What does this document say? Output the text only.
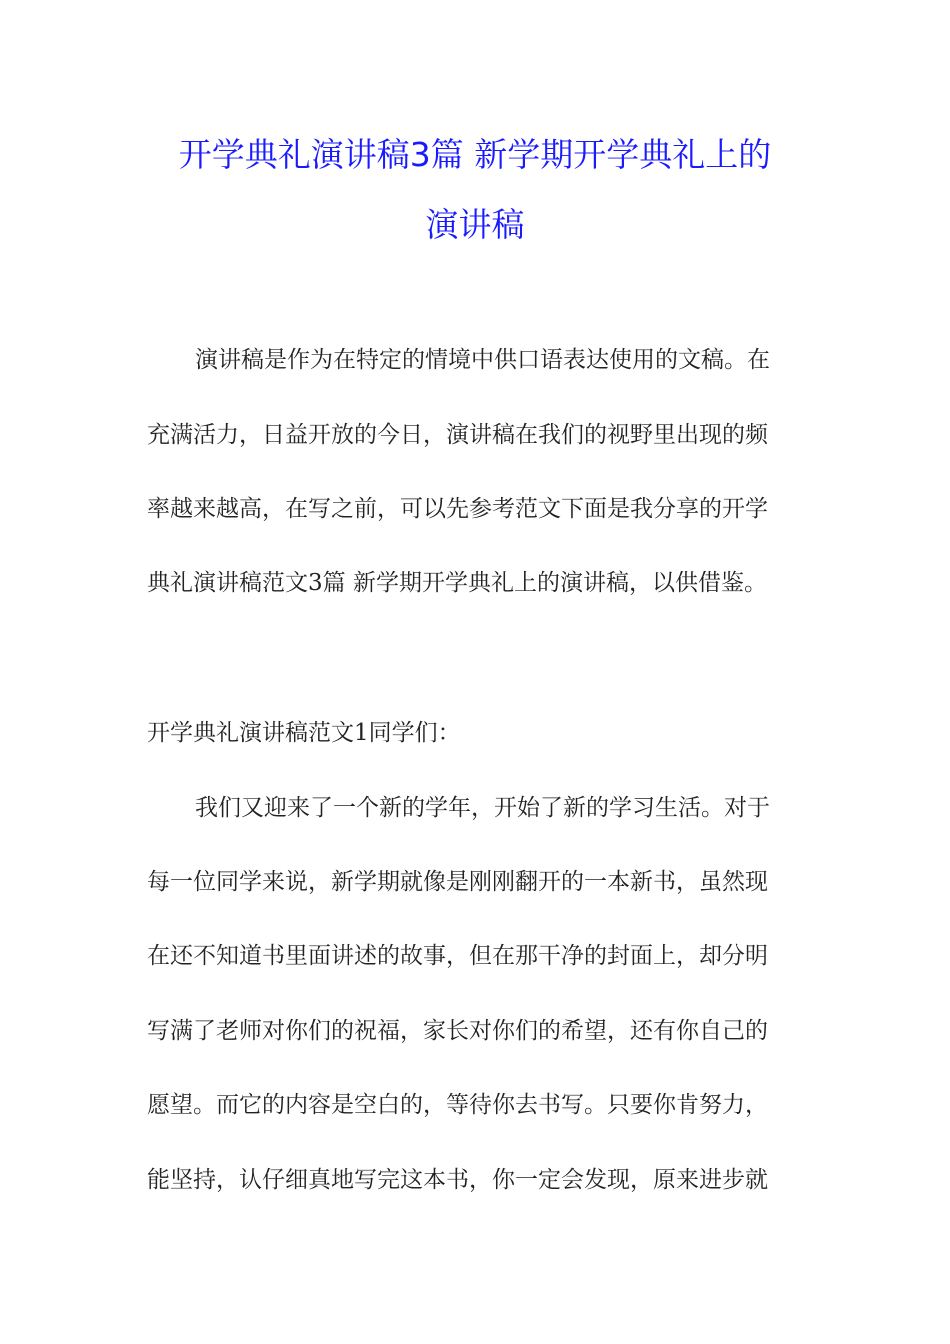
开学典礼演讲稿3篇 新学期开学典礼上的
演讲稿
演讲稿是作为在特定的情境中供口语表达使用的文稿。在
充满活力，日益开放的今日，演讲稿在我们的视野里出现的频
率越来越高，在写之前，可以先参考范文下面是我分享的开学
典礼演讲稿范文3篇 新学期开学典礼上的演讲稿，以供借鉴。
开学典礼演讲稿范文1同学们：
我们又迎来了一个新的学年，开始了新的学习生活。对于
每一位同学来说，新学期就像是刚刚翻开的一本新书，虽然现
在还不知道书里面讲述的故事，但在那干净的封面上，却分明
写满了老师对你们的祝福，家长对你们的希望，还有你自己的
愿望。而它的内容是空白的，等待你去书写。只要你肯努力，
能坚持，认仔细真地写完这本书，你一定会发现，原来进步就
